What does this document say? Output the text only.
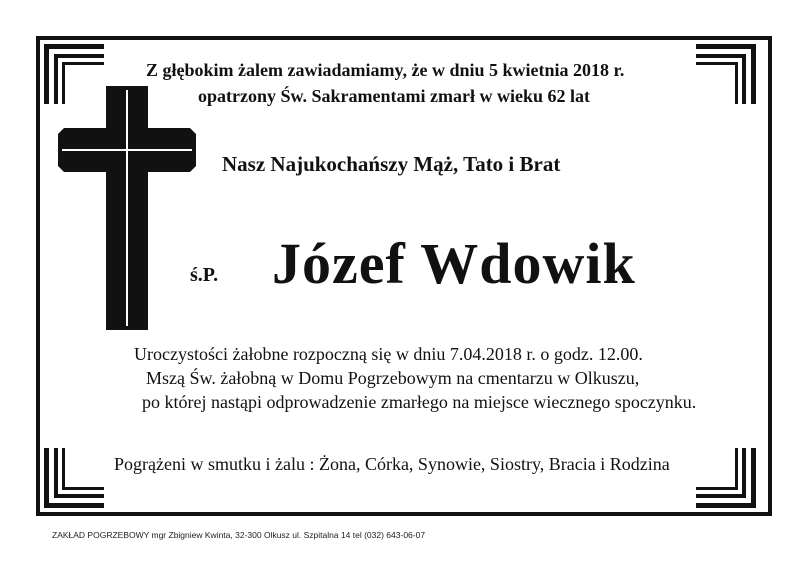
Z głębokim żalem zawiadamiamy, że w dniu 5 kwietnia 2018 r.
opatrzony Św. Sakramentami zmarł w wieku 62 lat
Nasz Najukochańszy Mąż, Tato i Brat
ś.P. Józef Wdowik
Uroczystości żałobne rozpoczną się w dniu 7.04.2018 r. o godz. 12.00.
Mszą Św. żałobną w Domu Pogrzebowym na cmentarzu w Olkuszu,
po której nastąpi odprowadzenie zmarłego na miejsce wiecznego spoczynku.
Pogrążeni w smutku i żalu : Żona, Córka, Synowie, Siostry, Bracia i Rodzina
ZAKŁAD POGRZEBOWY mgr Zbigniew Kwinta, 32-300 Olkusz ul. Szpitalna 14 tel (032) 643-06-07
